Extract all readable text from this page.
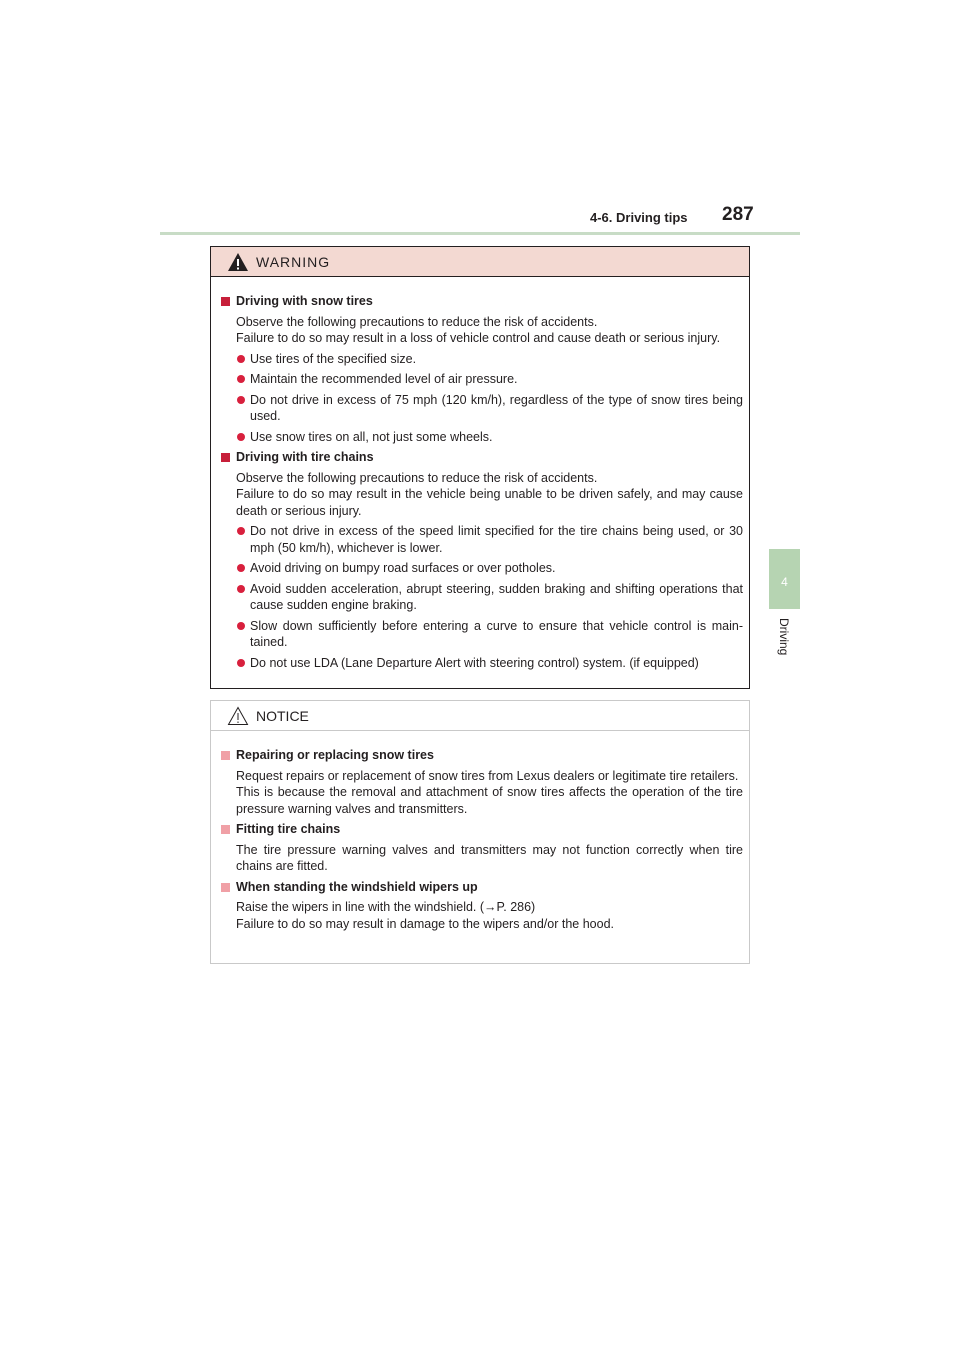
4-6. Driving tips 287
4
Driving
WARNING
Driving with snow tires
Observe the following precautions to reduce the risk of accidents.
Failure to do so may result in a loss of vehicle control and cause death or serious injury.
Use tires of the specified size.
Maintain the recommended level of air pressure.
Do not drive in excess of 75 mph (120 km/h), regardless of the type of snow tires being used.
Use snow tires on all, not just some wheels.
Driving with tire chains
Observe the following precautions to reduce the risk of accidents.
Failure to do so may result in the vehicle being unable to be driven safely, and may cause death or serious injury.
Do not drive in excess of the speed limit specified for the tire chains being used, or 30 mph (50 km/h), whichever is lower.
Avoid driving on bumpy road surfaces or over potholes.
Avoid sudden acceleration, abrupt steering, sudden braking and shifting operations that cause sudden engine braking.
Slow down sufficiently before entering a curve to ensure that vehicle control is main-tained.
Do not use LDA (Lane Departure Alert with steering control) system. (if equipped)
NOTICE
Repairing or replacing snow tires
Request repairs or replacement of snow tires from Lexus dealers or legitimate tire retailers.
This is because the removal and attachment of snow tires affects the operation of the tire pressure warning valves and transmitters.
Fitting tire chains
The tire pressure warning valves and transmitters may not function correctly when tire chains are fitted.
When standing the windshield wipers up
Raise the wipers in line with the windshield. (→P. 286)
Failure to do so may result in damage to the wipers and/or the hood.
